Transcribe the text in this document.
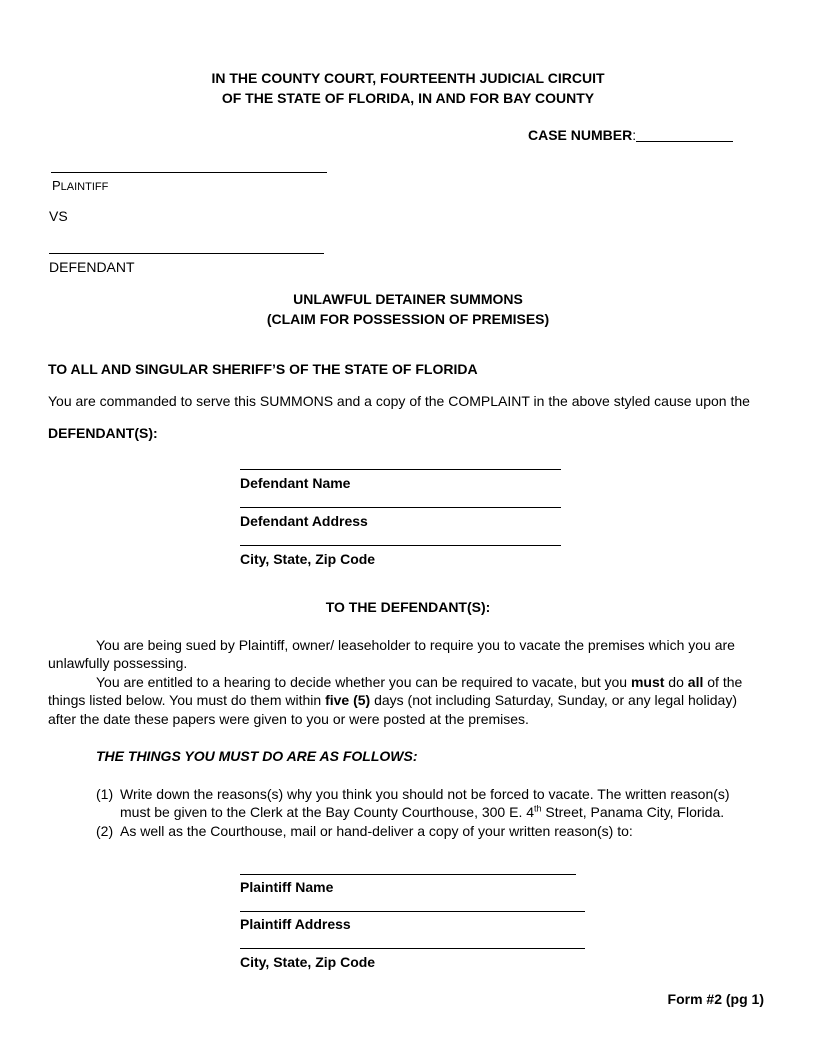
IN THE COUNTY COURT, FOURTEENTH JUDICIAL CIRCUIT
OF THE STATE OF FLORIDA, IN AND FOR BAY COUNTY
CASE NUMBER:
PLAINTIFF
VS
DEFENDANT
UNLAWFUL DETAINER SUMMONS
(CLAIM FOR POSSESSION OF PREMISES)
TO ALL AND SINGULAR SHERIFF’S OF THE STATE OF FLORIDA
You are commanded to serve this SUMMONS and a copy of the COMPLAINT in the above styled cause upon the
DEFENDANT(S):
Defendant Name
Defendant Address
City, State, Zip Code
TO THE DEFENDANT(S):
You are being sued by Plaintiff, owner/ leaseholder to require you to vacate the premises which you are
unlawfully possessing.
You are entitled to a hearing to decide whether you can be required to vacate, but you must do all of the
things listed below. You must do them within five (5) days (not including Saturday, Sunday, or any legal holiday)
after the date these papers were given to you or were posted at the premises.
THE THINGS YOU MUST DO ARE AS FOLLOWS:
(1) Write down the reasons(s) why you think you should not be forced to vacate. The written reason(s)
must be given to the Clerk at the Bay County Courthouse, 300 E. 4th Street, Panama City, Florida.
(2) As well as the Courthouse, mail or hand-deliver a copy of your written reason(s) to:
Plaintiff Name
Plaintiff Address
City, State, Zip Code
Form #2 (pg 1)
